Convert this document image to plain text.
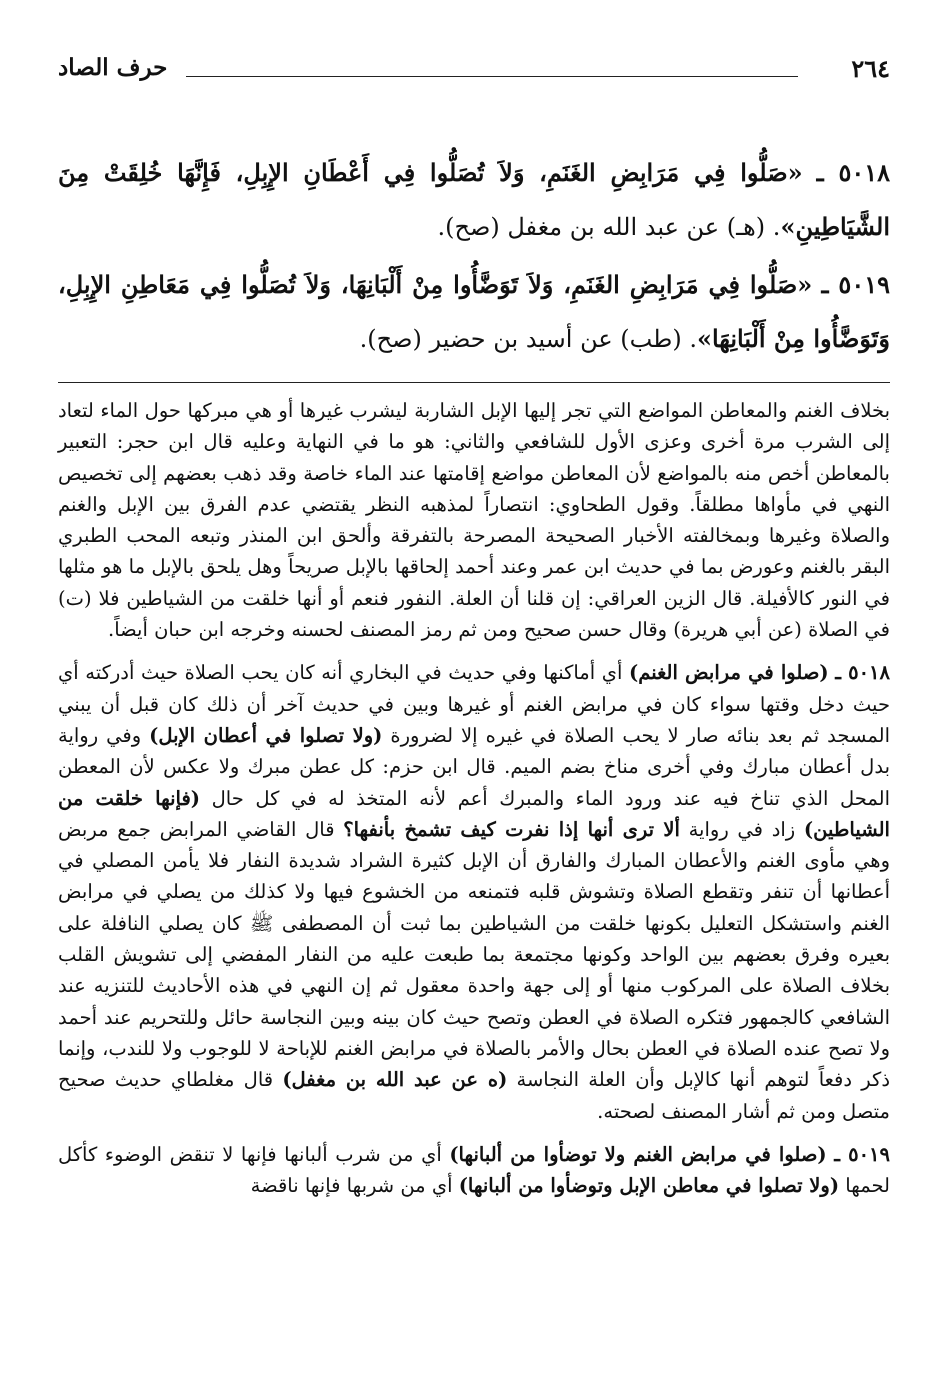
٢٦٤
حرف الصاد

٥٠١٨ ـ «صَلُّوا فِي مَرَابِضِ الغَنَمِ، وَلاَ تُصَلُّوا فِي أَعْطَانِ الإِبِلِ، فَإِنَّهَا خُلِقَتْ مِنَ الشَّيَاطِينِ». (هـ) عن عبد الله بن مغفل (صح).

٥٠١٩ ـ «صَلُّوا فِي مَرَابِضِ الغَنَمِ، وَلاَ تَوَضَّأُوا مِنْ أَلْبَانِهَا، وَلاَ تُصَلُّوا فِي مَعَاطِنِ الإِبِلِ، وَتَوَضَّأُوا مِنْ أَلْبَانِهَا». (طب) عن أسيد بن حضير (صح).

بخلاف الغنم والمعاطن المواضع التي تجر إليها الإبل الشاربة ليشرب غيرها أو هي مبركها حول الماء لتعاد إلى الشرب مرة أخرى وعزى الأول للشافعي والثاني: هو ما في النهاية وعليه قال ابن حجر: التعبير بالمعاطن أخص منه بالمواضع لأن المعاطن مواضع إقامتها عند الماء خاصة وقد ذهب بعضهم إلى تخصيص النهي في مأواها مطلقاً. وقول الطحاوي: انتصاراً لمذهبه النظر يقتضي عدم الفرق بين الإبل والغنم والصلاة وغيرها وبمخالفته الأخبار الصحيحة المصرحة بالتفرقة وألحق ابن المنذر وتبعه المحب الطبري البقر بالغنم وعورض بما في حديث ابن عمر وعند أحمد إلحاقها بالإبل صريحاً وهل يلحق بالإبل ما هو مثلها في النور كالأفيلة. قال الزين العراقي: إن قلنا أن العلة. النفور فنعم أو أنها خلقت من الشياطين فلا (ت) في الصلاة (عن أبي هريرة) وقال حسن صحيح ومن ثم رمز المصنف لحسنه وخرجه ابن حبان أيضاً.

٥٠١٨ ـ (صلوا في مرابض الغنم) أي أماكنها وفي حديث في البخاري أنه كان يحب الصلاة حيث أدركته أي حيث دخل وقتها سواء كان في مرابض الغنم أو غيرها وبين في حديث آخر أن ذلك كان قبل أن يبني المسجد ثم بعد بنائه صار لا يحب الصلاة في غيره إلا لضرورة (ولا تصلوا في أعطان الإبل) وفي رواية بدل أعطان مبارك وفي أخرى مناخ بضم الميم. قال ابن حزم: كل عطن مبرك ولا عكس لأن المعطن المحل الذي تناخ فيه عند ورود الماء والمبرك أعم لأنه المتخذ له في كل حال (فإنها خلقت من الشياطين) زاد في رواية ألا ترى أنها إذا نفرت كيف تشمخ بأنفها؟ قال القاضي المرابض جمع مربض وهي مأوى الغنم والأعطان المبارك والفارق أن الإبل كثيرة الشراد شديدة النفار فلا يأمن المصلي في أعطانها أن تنفر وتقطع الصلاة وتشوش قلبه فتمنعه من الخشوع فيها ولا كذلك من يصلي في مرابض الغنم واستشكل التعليل بكونها خلقت من الشياطين بما ثبت أن المصطفى ﷺ كان يصلي النافلة على بعيره وفرق بعضهم بين الواحد وكونها مجتمعة بما طبعت عليه من النفار المفضي إلى تشويش القلب بخلاف الصلاة على المركوب منها أو إلى جهة واحدة معقول ثم إن النهي في هذه الأحاديث للتنزيه عند الشافعي كالجمهور فتكره الصلاة في العطن وتصح حيث كان بينه وبين النجاسة حائل وللتحريم عند أحمد ولا تصح عنده الصلاة في العطن بحال والأمر بالصلاة في مرابض الغنم للإباحة لا للوجوب ولا للندب، وإنما ذكر دفعاً لتوهم أنها كالإبل وأن العلة النجاسة (ه عن عبد الله بن مغفل) قال مغلطاي حديث صحيح متصل ومن ثم أشار المصنف لصحته.

٥٠١٩ ـ (صلوا في مرابض الغنم ولا توضأوا من ألبانها) أي من شرب ألبانها فإنها لا تنقض الوضوء كأكل لحمها (ولا تصلوا في معاطن الإبل وتوضأوا من ألبانها) أي من شربها فإنها ناقضة
